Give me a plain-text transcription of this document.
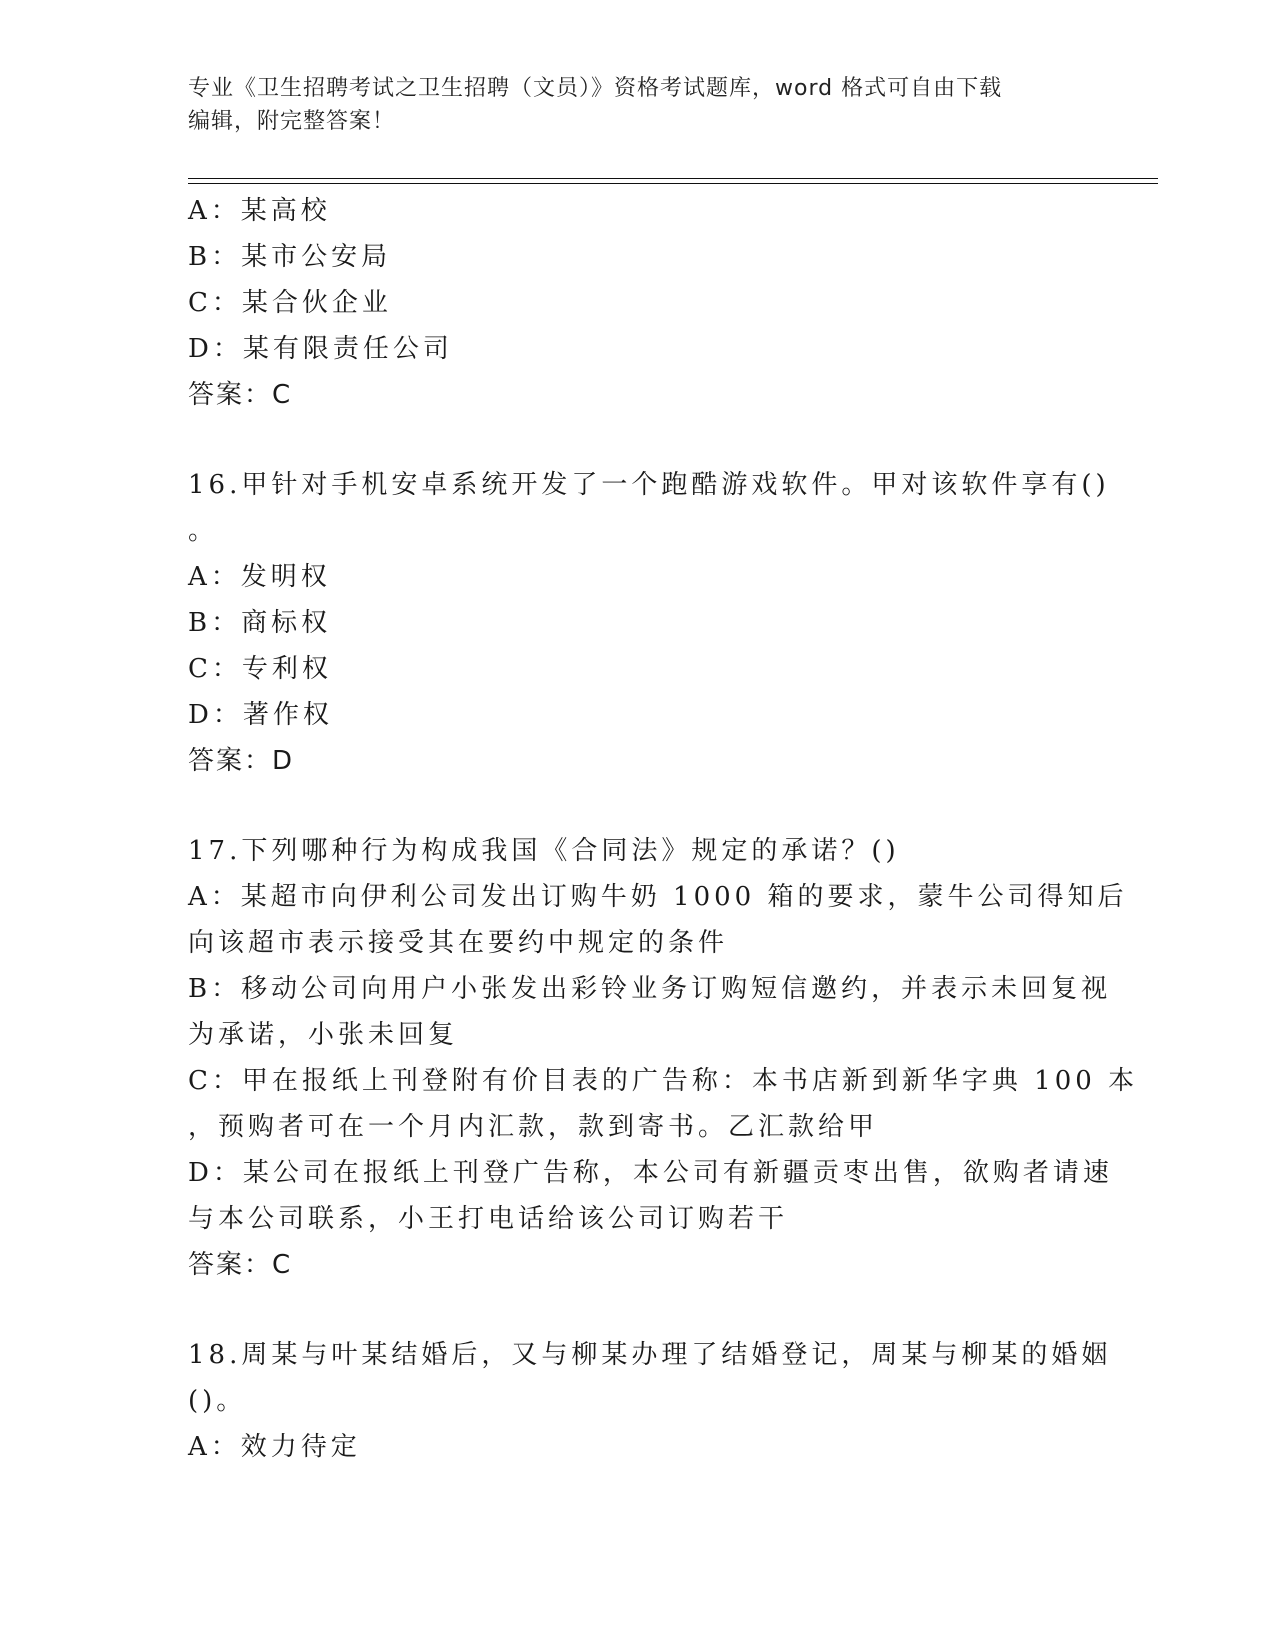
专业《卫生招聘考试之卫生招聘（文员）》资格考试题库，word 格式可自由下载
编辑，附完整答案！
A：某高校
B：某市公安局
C：某合伙企业
D：某有限责任公司
答案：C
16.甲针对手机安卓系统开发了一个跑酷游戏软件。甲对该软件享有()
。
A：发明权
B：商标权
C：专利权
D：著作权
答案：D
17.下列哪种行为构成我国《合同法》规定的承诺？()
A：某超市向伊利公司发出订购牛奶 1000 箱的要求，蒙牛公司得知后
向该超市表示接受其在要约中规定的条件
B：移动公司向用户小张发出彩铃业务订购短信邀约，并表示未回复视
为承诺，小张未回复
C：甲在报纸上刊登附有价目表的广告称：本书店新到新华字典 100 本
，预购者可在一个月内汇款，款到寄书。乙汇款给甲
D：某公司在报纸上刊登广告称，本公司有新疆贡枣出售，欲购者请速
与本公司联系，小王打电话给该公司订购若干
答案：C
18.周某与叶某结婚后，又与柳某办理了结婚登记，周某与柳某的婚姻
()。
A：效力待定
